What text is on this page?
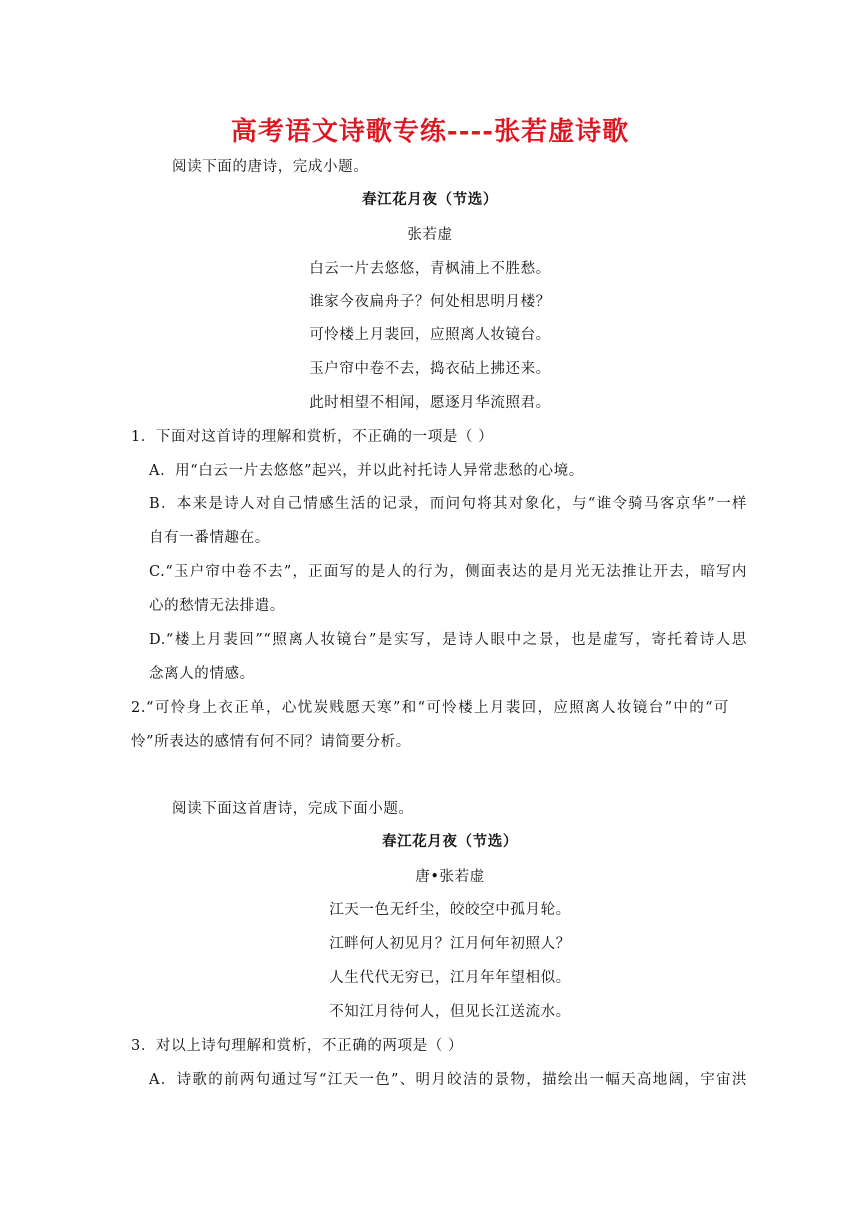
高考语文诗歌专练----张若虚诗歌
阅读下面的唐诗，完成小题。
春江花月夜（节选）
张若虚
白云一片去悠悠，青枫浦上不胜愁。
谁家今夜扁舟子？何处相思明月楼？
可怜楼上月裴回，应照离人妆镜台。
玉户帘中卷不去，捣衣砧上拂还来。
此时相望不相闻，愿逐月华流照君。
1．下面对这首诗的理解和赏析，不正确的一项是（ ）
A．用“白云一片去悠悠”起兴，并以此衬托诗人异常悲愁的心境。
B．本来是诗人对自己情感生活的记录，而问句将其对象化，与“谁令骑马客京华”一样
自有一番情趣在。
C.“玉户帘中卷不去”，正面写的是人的行为，侧面表达的是月光无法推让开去，暗写内
心的愁情无法排遣。
D.“楼上月裴回”“照离人妆镜台”是实写，是诗人眼中之景，也是虚写，寄托着诗人思
念离人的情感。
2.“可怜身上衣正单，心忧炭贱愿天寒”和“可怜楼上月裴回，应照离人妆镜台”中的“可
怜”所表达的感情有何不同？请简要分析。
阅读下面这首唐诗，完成下面小题。
春江花月夜（节选）
唐•张若虚
江天一色无纤尘，皎皎空中孤月轮。
江畔何人初见月？江月何年初照人？
人生代代无穷已，江月年年望相似。
不知江月待何人，但见长江送流水。
3．对以上诗句理解和赏析，不正确的两项是（ ）
A．诗歌的前两句通过写“江天一色”、明月皎洁的景物，描绘出一幅天高地阔，宇宙洪
